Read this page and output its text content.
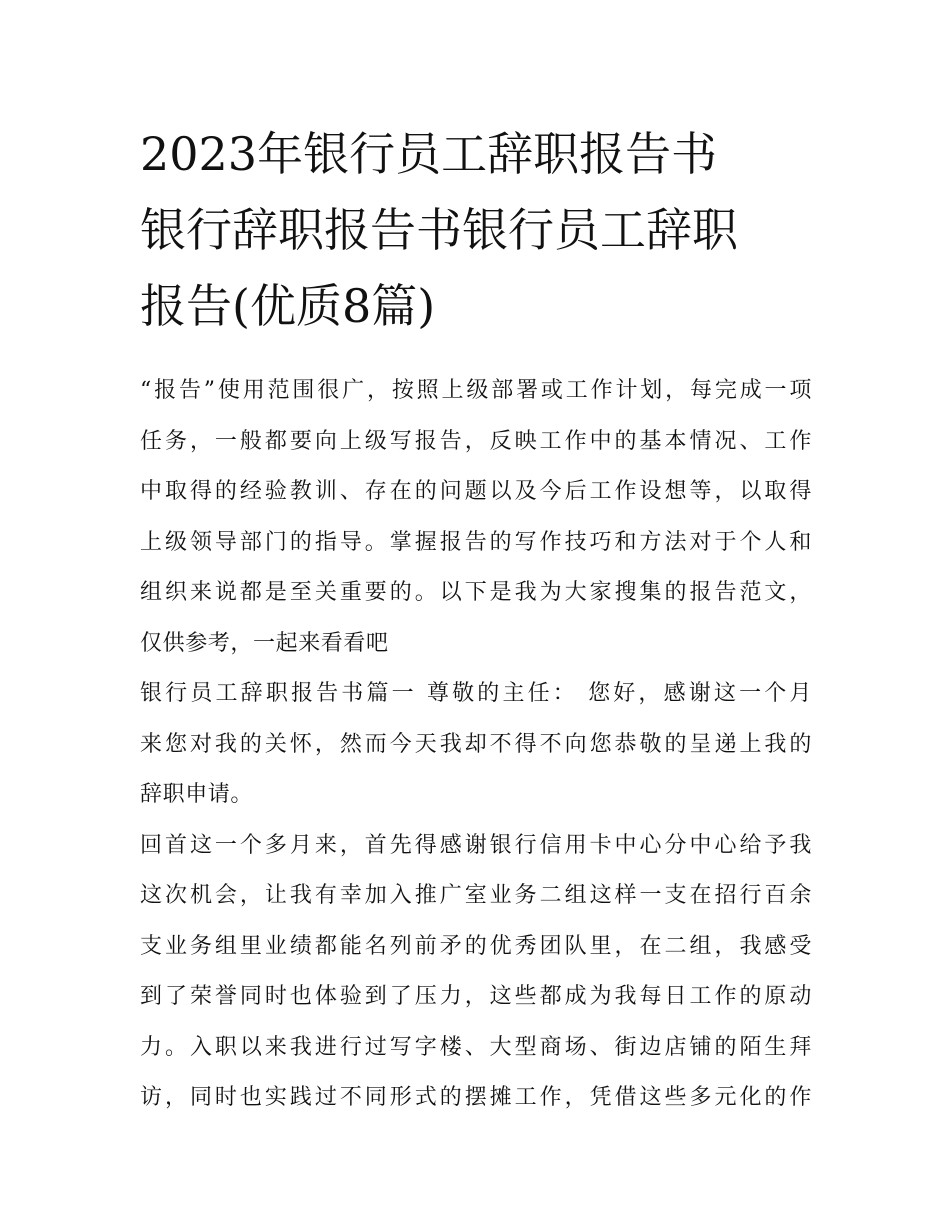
2023年银行员工辞职报告书
银行辞职报告书银行员工辞职
报告(优质8篇)

“报告”使用范围很广，按照上级部署或工作计划，每完成一项
任务，一般都要向上级写报告，反映工作中的基本情况、工作
中取得的经验教训、存在的问题以及今后工作设想等，以取得
上级领导部门的指导。掌握报告的写作技巧和方法对于个人和
组织来说都是至关重要的。以下是我为大家搜集的报告范文，
仅供参考，一起来看看吧

银行员工辞职报告书篇一 尊敬的主任： 您好，感谢这一个月
来您对我的关怀，然而今天我却不得不向您恭敬的呈递上我的
辞职申请。

回首这一个多月来，首先得感谢银行信用卡中心分中心给予我
这次机会，让我有幸加入推广室业务二组这样一支在招行百余
支业务组里业绩都能名列前矛的优秀团队里，在二组，我感受
到了荣誉同时也体验到了压力，这些都成为我每日工作的原动
力。入职以来我进行过写字楼、大型商场、街边店铺的陌生拜
访，同时也实践过不同形式的摆摊工作，凭借这些多元化的作
